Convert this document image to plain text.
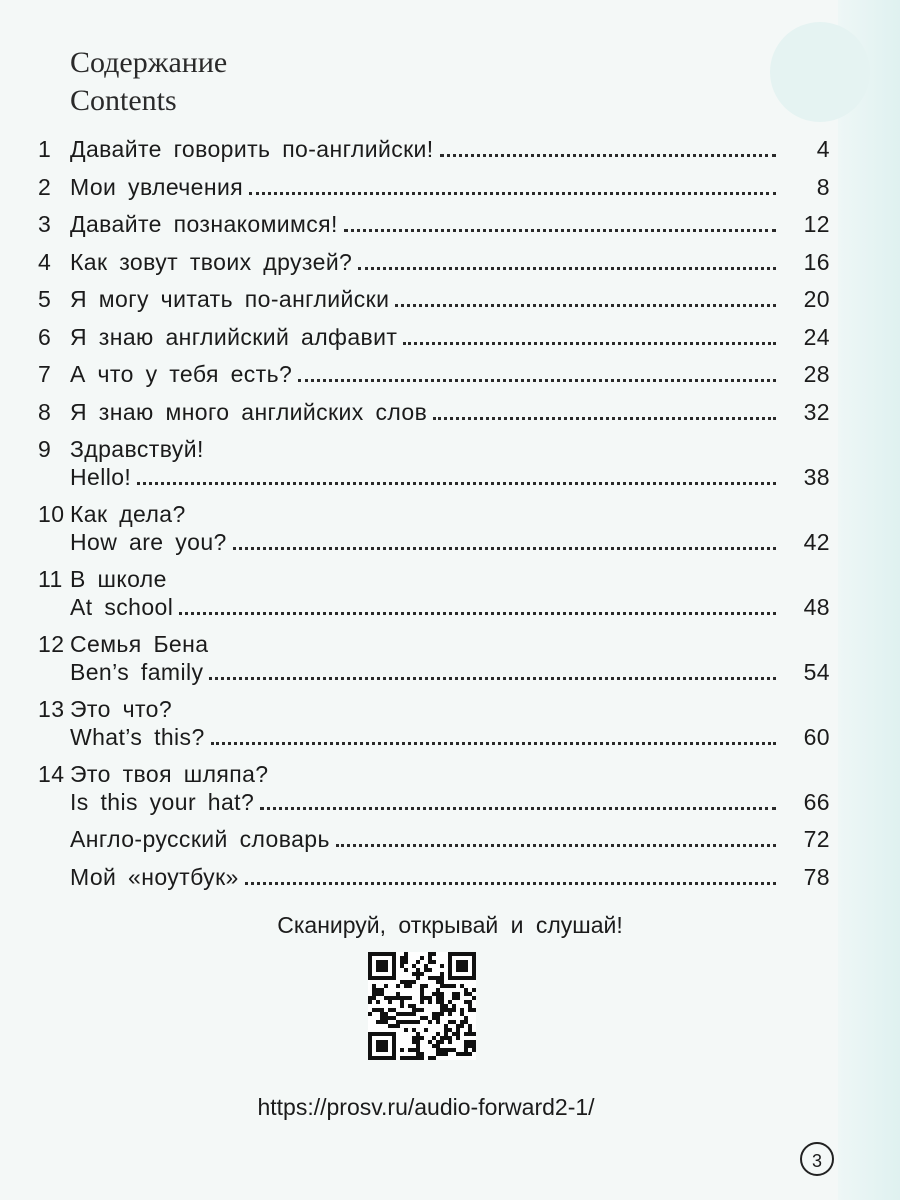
Содержание
Contents
1 Давайте говорить по-английски!	4
2 Мои увлечения	8
3 Давайте познакомимся!	12
4 Как зовут твоих друзей?	16
5 Я могу читать по-английски	20
6 Я знаю английский алфавит	24
7 А что у тебя есть?	28
8 Я знаю много английских слов	32
9 Здравствуй!
Hello!	38
10 Как дела?
How are you?	42
11 В школе
At school	48
12 Семья Бена
Ben’s family	54
13 Это что?
What’s this?	60
14 Это твоя шляпа?
Is this your hat?	66
Англо-русский словарь	72
Мой «ноутбук»	78
Сканируй, открывай и слушай!
https://prosv.ru/audio-forward2-1/
3
